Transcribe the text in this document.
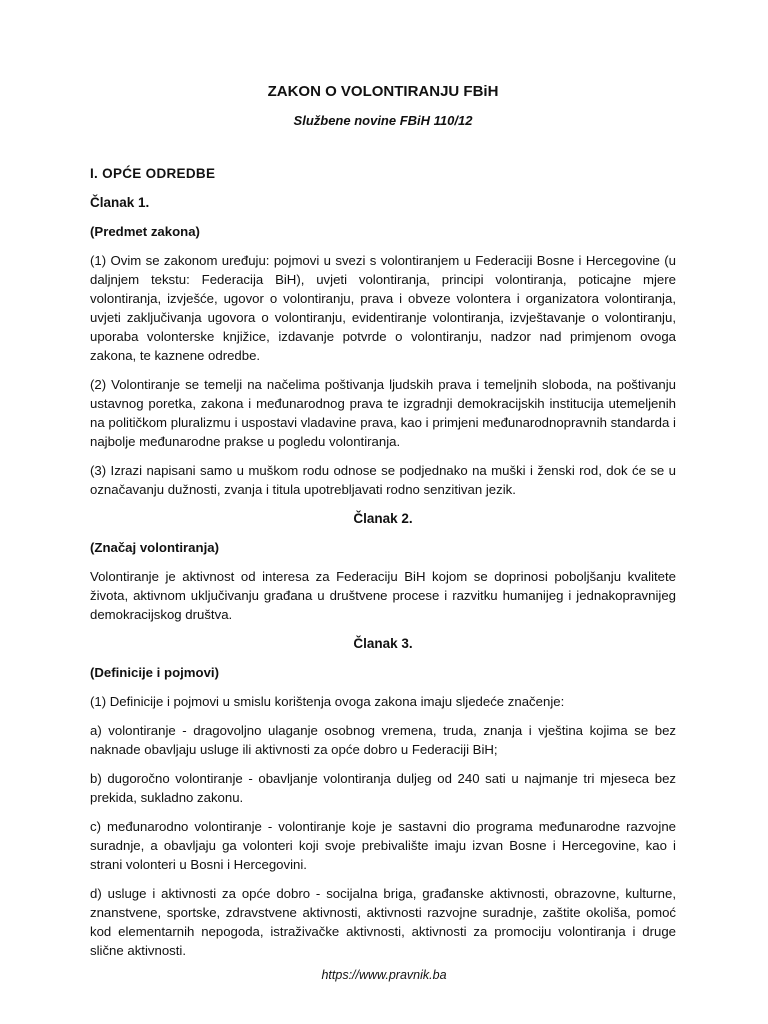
ZAKON O VOLONTIRANJU FBiH
Službene novine FBiH 110/12
I. OPĆE ODREDBE
Članak 1.
(Predmet zakona)

(1) Ovim se zakonom uređuju: pojmovi u svezi s volontiranjem u Federaciji Bosne i Hercegovine (u daljnjem tekstu: Federacija BiH), uvjeti volontiranja, principi volontiranja, poticajne mjere volontiranja, izvješće, ugovor o volontiranju, prava i obveze volontera i organizatora volontiranja, uvjeti zaključivanja ugovora o volontiranju, evidentiranje volontiranja, izvještavanje o volontiranju, uporaba volonterske knjižice, izdavanje potvrde o volontiranju, nadzor nad primjenom ovoga zakona, te kaznene odredbe.

(2) Volontiranje se temelji na načelima poštivanja ljudskih prava i temeljnih sloboda, na poštivanju ustavnog poretka, zakona i međunarodnog prava te izgradnji demokracijskih institucija utemeljenih na političkom pluralizmu i uspostavi vladavine prava, kao i primjeni međunarodnopravnih standarda i najbolje međunarodne prakse u pogledu volontiranja.

(3) Izrazi napisani samo u muškom rodu odnose se podjednako na muški i ženski rod, dok će se u označavanju dužnosti, zvanja i titula upotrebljavati rodno senzitivan jezik.

Članak 2.
(Značaj volontiranja)

Volontiranje je aktivnost od interesa za Federaciju BiH kojom se doprinosi poboljšanju kvalitete života, aktivnom uključivanju građana u društvene procese i razvitku humanijeg i jednakopravnijeg demokracijskog društva.

Članak 3.
(Definicije i pojmovi)

(1) Definicije i pojmovi u smislu korištenja ovoga zakona imaju sljedeće značenje:

a) volontiranje - dragovoljno ulaganje osobnog vremena, truda, znanja i vještina kojima se bez naknade obavljaju usluge ili aktivnosti za opće dobro u Federaciji BiH;

b) dugoročno volontiranje - obavljanje volontiranja duljeg od 240 sati u najmanje tri mjeseca bez prekida, sukladno zakonu.

c) međunarodno volontiranje - volontiranje koje je sastavni dio programa međunarodne razvojne suradnje, a obavljaju ga volonteri koji svoje prebivalište imaju izvan Bosne i Hercegovine, kao i strani volonteri u Bosni i Hercegovini.

d) usluge i aktivnosti za opće dobro - socijalna briga, građanske aktivnosti, obrazovne, kulturne, znanstvene, sportske, zdravstvene aktivnosti, aktivnosti razvojne suradnje, zaštite okoliša, pomoć kod elementarnih nepogoda, istraživačke aktivnosti, aktivnosti za promociju volontiranja i druge slične aktivnosti.

https://www.pravnik.ba
